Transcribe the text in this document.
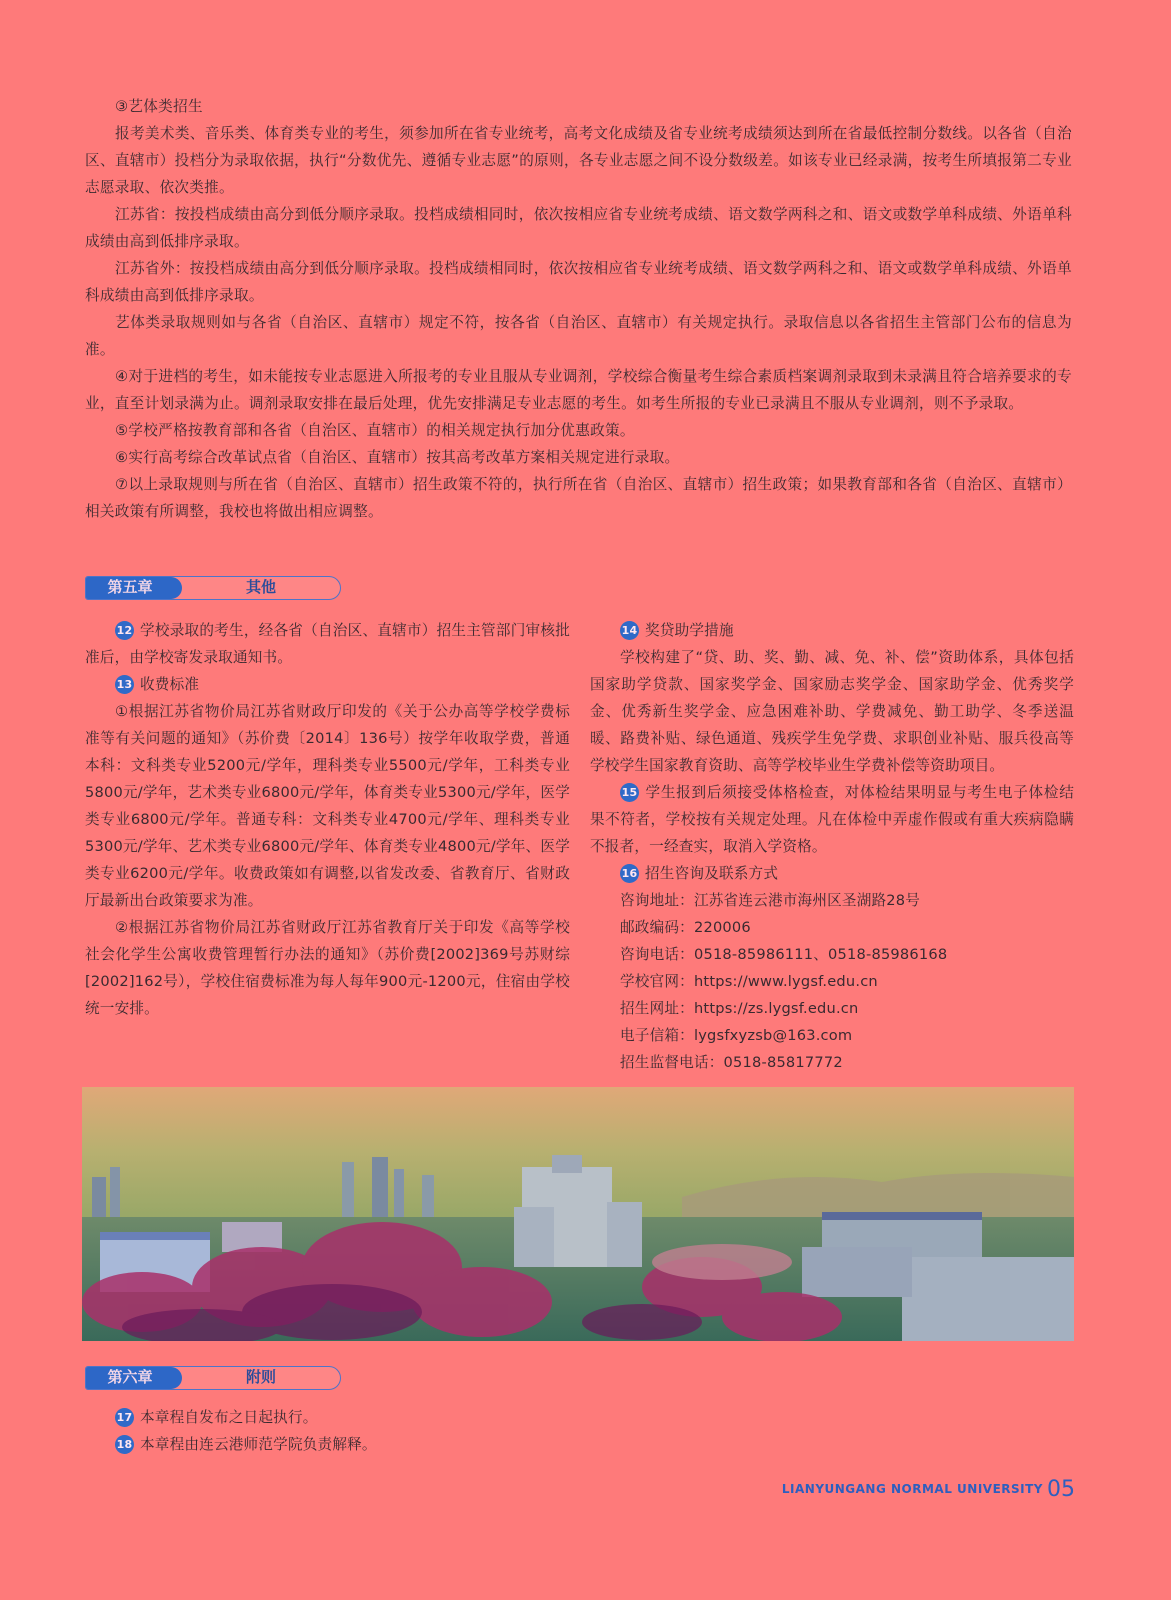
③艺体类招生
报考美术类、音乐类、体育类专业的考生，须参加所在省专业统考，高考文化成绩及省专业统考成绩须达到所在省最低控制分数线。以各省（自治区、直辖市）投档分为录取依据，执行“分数优先、遵循专业志愿”的原则，各专业志愿之间不设分数级差。如该专业已经录满，按考生所填报第二专业志愿录取、依次类推。
江苏省：按投档成绩由高分到低分顺序录取。投档成绩相同时，依次按相应省专业统考成绩、语文数学两科之和、语文或数学单科成绩、外语单科成绩由高到低排序录取。
江苏省外：按投档成绩由高分到低分顺序录取。投档成绩相同时，依次按相应省专业统考成绩、语文数学两科之和、语文或数学单科成绩、外语单科成绩由高到低排序录取。
艺体类录取规则如与各省（自治区、直辖市）规定不符，按各省（自治区、直辖市）有关规定执行。录取信息以各省招生主管部门公布的信息为准。
④对于进档的考生，如未能按专业志愿进入所报考的专业且服从专业调剂，学校综合衡量考生综合素质档案调剂录取到未录满且符合培养要求的专业，直至计划录满为止。调剂录取安排在最后处理，优先安排满足专业志愿的考生。如考生所报的专业已录满且不服从专业调剂，则不予录取。
⑤学校严格按教育部和各省（自治区、直辖市）的相关规定执行加分优惠政策。
⑥实行高考综合改革试点省（自治区、直辖市）按其高考改革方案相关规定进行录取。
⑦以上录取规则与所在省（自治区、直辖市）招生政策不符的，执行所在省（自治区、直辖市）招生政策；如果教育部和各省（自治区、直辖市）相关政策有所调整，我校也将做出相应调整。
第五章	其他
12 学校录取的考生，经各省（自治区、直辖市）招生主管部门审核批准后，由学校寄发录取通知书。
13 收费标准
①根据江苏省物价局江苏省财政厅印发的《关于公办高等学校学费标准等有关问题的通知》（苏价费〔2014〕136号）按学年收取学费，普通本科：文科类专业5200元/学年，理科类专业5500元/学年，工科类专业5800元/学年，艺术类专业6800元/学年，体育类专业5300元/学年，医学类专业6800元/学年。普通专科：文科类专业4700元/学年、理科类专业5300元/学年、艺术类专业6800元/学年、体育类专业4800元/学年、医学类专业6200元/学年。收费政策如有调整,以省发改委、省教育厅、省财政厅最新出台政策要求为准。
②根据江苏省物价局江苏省财政厅江苏省教育厅关于印发《高等学校社会化学生公寓收费管理暂行办法的通知》（苏价费[2002]369号苏财综[2002]162号），学校住宿费标准为每人每年900元-1200元，住宿由学校统一安排。
14 奖贷助学措施
学校构建了“贷、助、奖、勤、减、免、补、偿”资助体系，具体包括国家助学贷款、国家奖学金、国家励志奖学金、国家助学金、优秀奖学金、优秀新生奖学金、应急困难补助、学费减免、勤工助学、冬季送温暖、路费补贴、绿色通道、残疾学生免学费、求职创业补贴、服兵役高等学校学生国家教育资助、高等学校毕业生学费补偿等资助项目。
15 学生报到后须接受体格检查，对体检结果明显与考生电子体检结果不符者，学校按有关规定处理。凡在体检中弄虚作假或有重大疾病隐瞒不报者，一经查实，取消入学资格。
16 招生咨询及联系方式
咨询地址：江苏省连云港市海州区圣湖路28号
邮政编码：220006
咨询电话：0518-85986111、0518-85986168
学校官网：https://www.lygsf.edu.cn
招生网址：https://zs.lygsf.edu.cn
电子信箱：lygsfxyzsb@163.com
招生监督电话：0518-85817772
第六章	附则
17 本章程自发布之日起执行。
18 本章程由连云港师范学院负责解释。
LIANYUNGANG NORMAL UNIVERSITY 05
